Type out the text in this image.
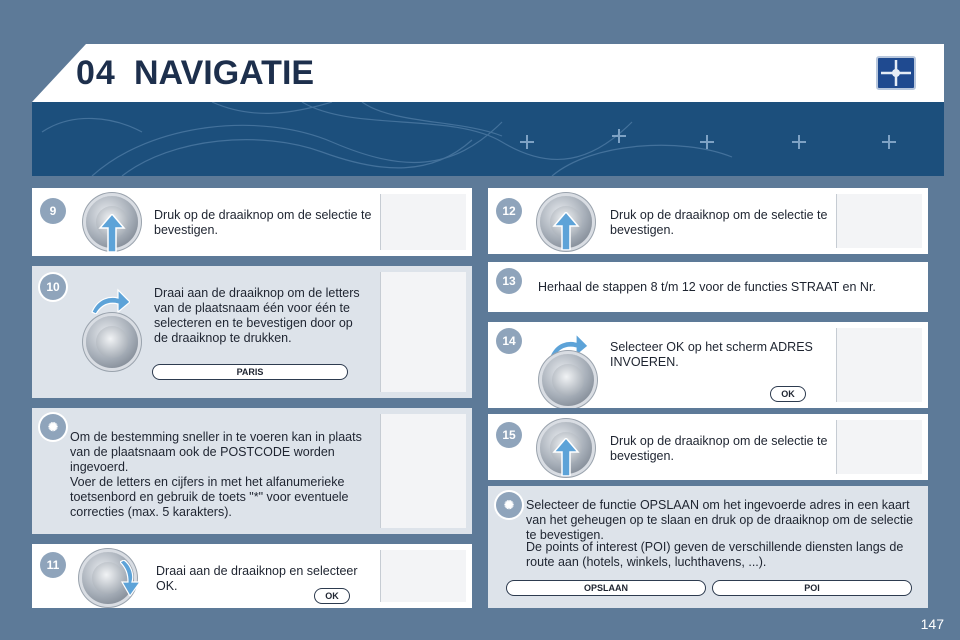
04 NAVIGATIE
Druk op de draaiknop om de selectie te bevestigen.
9
Draai aan de draaiknop om de letters van de plaatsnaam één voor één te selecteren en te bevestigen door op de draaiknop te drukken.
PARIS
10
Om de bestemming sneller in te voeren kan in plaats van de plaatsnaam ook de POSTCODE worden ingevoerd.
Voer de letters en cijfers in met het alfanumerieke toetsenbord en gebruik de toets "*" voor eventuele correcties (max. 5 karakters).
✺
Draai aan de draaiknop en selecteer OK.
OK
11
Druk op de draaiknop om de selectie te bevestigen.
12
Herhaal de stappen 8 t/m 12 voor de functies STRAAT en Nr.
13
Selecteer OK op het scherm ADRES INVOEREN.
OK
14
Druk op de draaiknop om de selectie te bevestigen.
15
Selecteer de functie OPSLAAN om het ingevoerde adres in een kaart van het geheugen op te slaan en druk op de draaiknop om de selectie te bevestigen.
De points of interest (POI) geven de verschillende diensten langs de route aan (hotels, winkels, luchthavens, ...).
OPSLAAN	POI
✺
147
